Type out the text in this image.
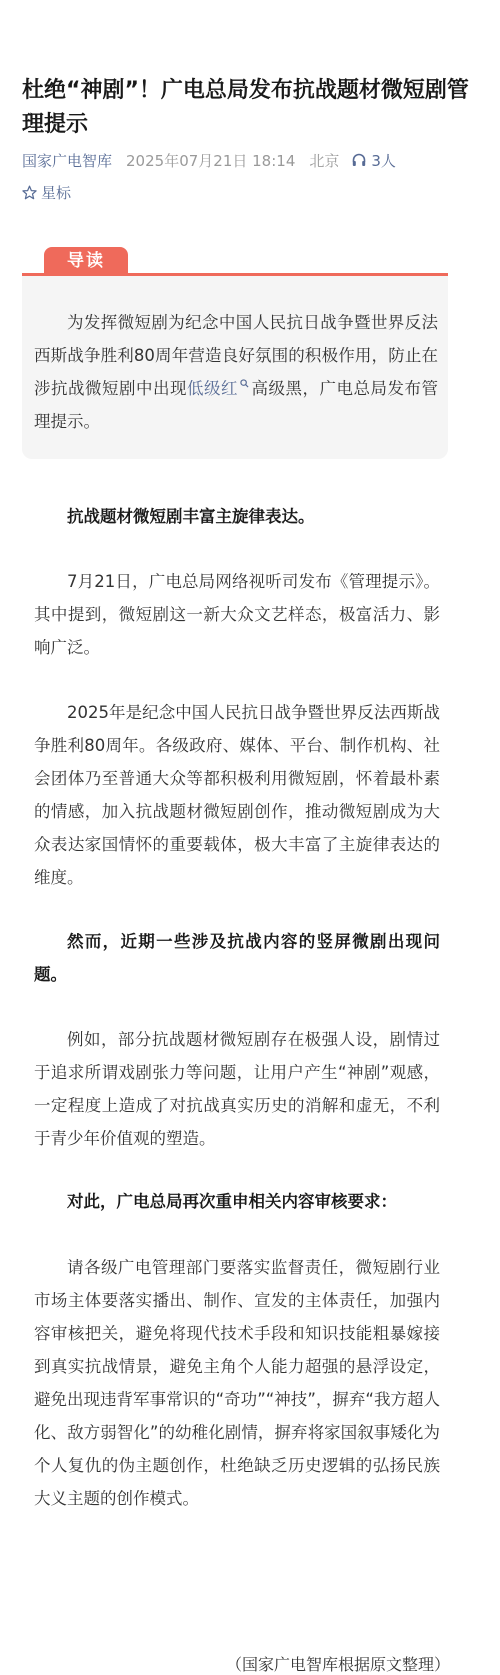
杜绝“神剧”！广电总局发布抗战题材微短剧管理提示
国家广电智库 2025年07月21日 18:14 北京 3人
星标
导读

为发挥微短剧为纪念中国人民抗日战争暨世界反法西斯战争胜利80周年营造良好氛围的积极作用，防止在涉抗战微短剧中出现低级红 高级黑，广电总局发布管理提示。

抗战题材微短剧丰富主旋律表达。

7月21日，广电总局网络视听司发布《管理提示》。其中提到，微短剧这一新大众文艺样态，极富活力、影响广泛。

2025年是纪念中国人民抗日战争暨世界反法西斯战争胜利80周年。各级政府、媒体、平台、制作机构、社会团体乃至普通大众等都积极利用微短剧，怀着最朴素的情感，加入抗战题材微短剧创作，推动微短剧成为大众表达家国情怀的重要载体，极大丰富了主旋律表达的维度。

然而，近期一些涉及抗战内容的竖屏微剧出现问题。

例如，部分抗战题材微短剧存在极强人设，剧情过于追求所谓戏剧张力等问题，让用户产生“神剧”观感，一定程度上造成了对抗战真实历史的消解和虚无，不利于青少年价值观的塑造。

对此，广电总局再次重申相关内容审核要求：

请各级广电管理部门要落实监督责任，微短剧行业市场主体要落实播出、制作、宣发的主体责任，加强内容审核把关，避免将现代技术手段和知识技能粗暴嫁接到真实抗战情景，避免主角个人能力超强的悬浮设定，避免出现违背军事常识的“奇功”“神技”，摒弃“我方超人化、敌方弱智化”的幼稚化剧情，摒弃将家国叙事矮化为个人复仇的伪主题创作，杜绝缺乏历史逻辑的弘扬民族大义主题的创作模式。

（国家广电智库根据原文整理）
